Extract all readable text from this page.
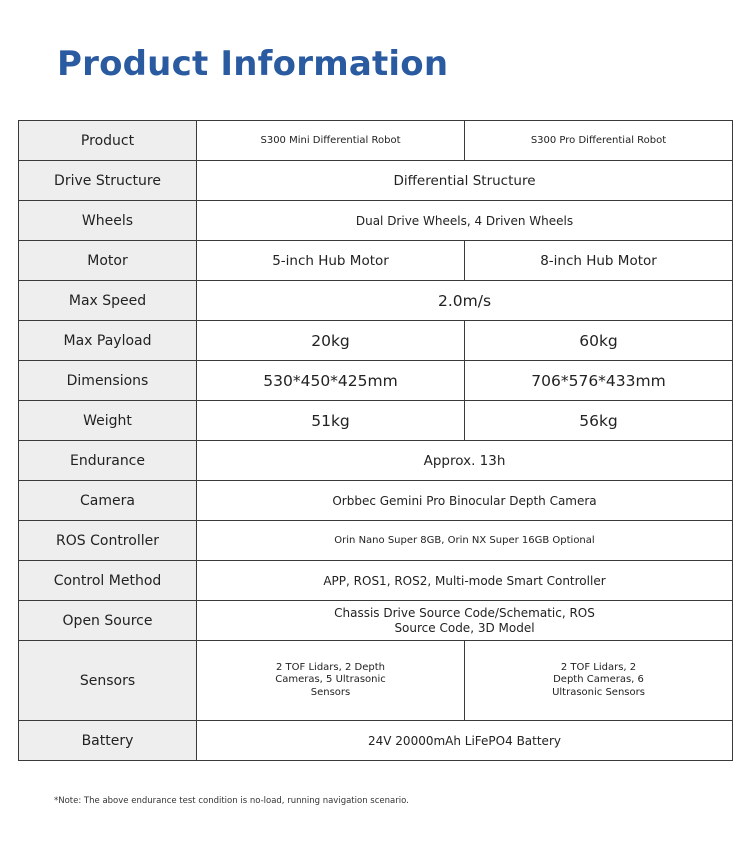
Product Information
Product	S300 Mini Differential Robot	S300 Pro Differential Robot
Drive Structure	Differential Structure	
Wheels	Dual Drive Wheels, 4 Driven Wheels	
Motor	5-inch Hub Motor	8-inch Hub Motor
Max Speed	2.0m/s	
Max Payload	20kg	60kg
Dimensions	530*450*425mm	706*576*433mm
Weight	51kg	56kg
Endurance	Approx. 13h	
Camera	Orbbec Gemini Pro Binocular Depth Camera	
ROS Controller	Orin Nano Super 8GB, Orin NX Super 16GB Optional	
Control Method	APP, ROS1, ROS2, Multi-mode Smart Controller	
Open Source	Chassis Drive Source Code/Schematic, ROS Source Code, 3D Model	
Sensors	2 TOF Lidars, 2 Depth Cameras, 5 Ultrasonic Sensors	2 TOF Lidars, 2 Depth Cameras, 6 Ultrasonic Sensors
Battery	24V 20000mAh LiFePO4 Battery	
*Note: The above endurance test condition is no-load, running navigation scenario.
